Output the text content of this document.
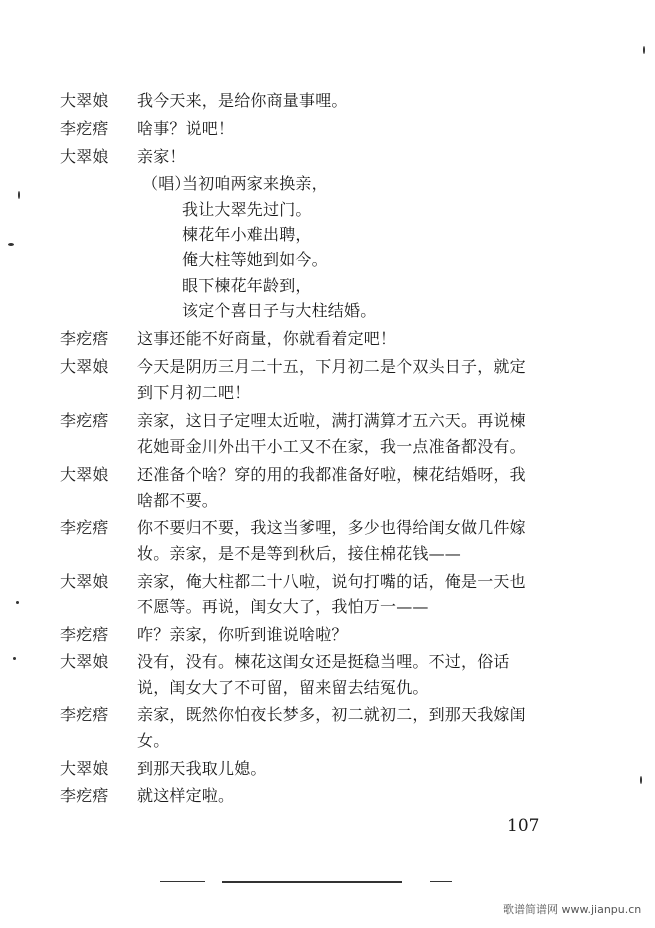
大翠娘 我今天来，是给你商量事哩。
李疙瘩 啥事？说吧！
大翠娘 亲家！
（唱）
当初咱两家来换亲，
我让大翠先过门。
楝花年小难出聘，
俺大柱等她到如今。
眼下楝花年龄到，
该定个喜日子与大柱结婚。
李疙瘩 这事还能不好商量，你就看着定吧！
大翠娘 今天是阴历三月二十五，下月初二是个双头日子，就定
到下月初二吧！
李疙瘩 亲家，这日子定哩太近啦，满打满算才五六天。再说楝
花她哥金川外出干小工又不在家，我一点准备都没有。
大翠娘 还准备个啥？穿的用的我都准备好啦，楝花结婚呀，我
啥都不要。
李疙瘩 你不要归不要，我这当爹哩，多少也得给闺女做几件嫁
妆。亲家，是不是等到秋后，接住棉花钱——
大翠娘 亲家，俺大柱都二十八啦，说句打嘴的话，俺是一天也
不愿等。再说，闺女大了，我怕万一——
李疙瘩 咋？亲家，你听到谁说啥啦？
大翠娘 没有，没有。楝花这闺女还是挺稳当哩。不过，俗话
说，闺女大了不可留，留来留去结冤仇。
李疙瘩 亲家，既然你怕夜长梦多，初二就初二，到那天我嫁闺
女。
大翠娘 到那天我取儿媳。
李疙瘩 就这样定啦。
107
歌谱简谱网 www.jianpu.cn
